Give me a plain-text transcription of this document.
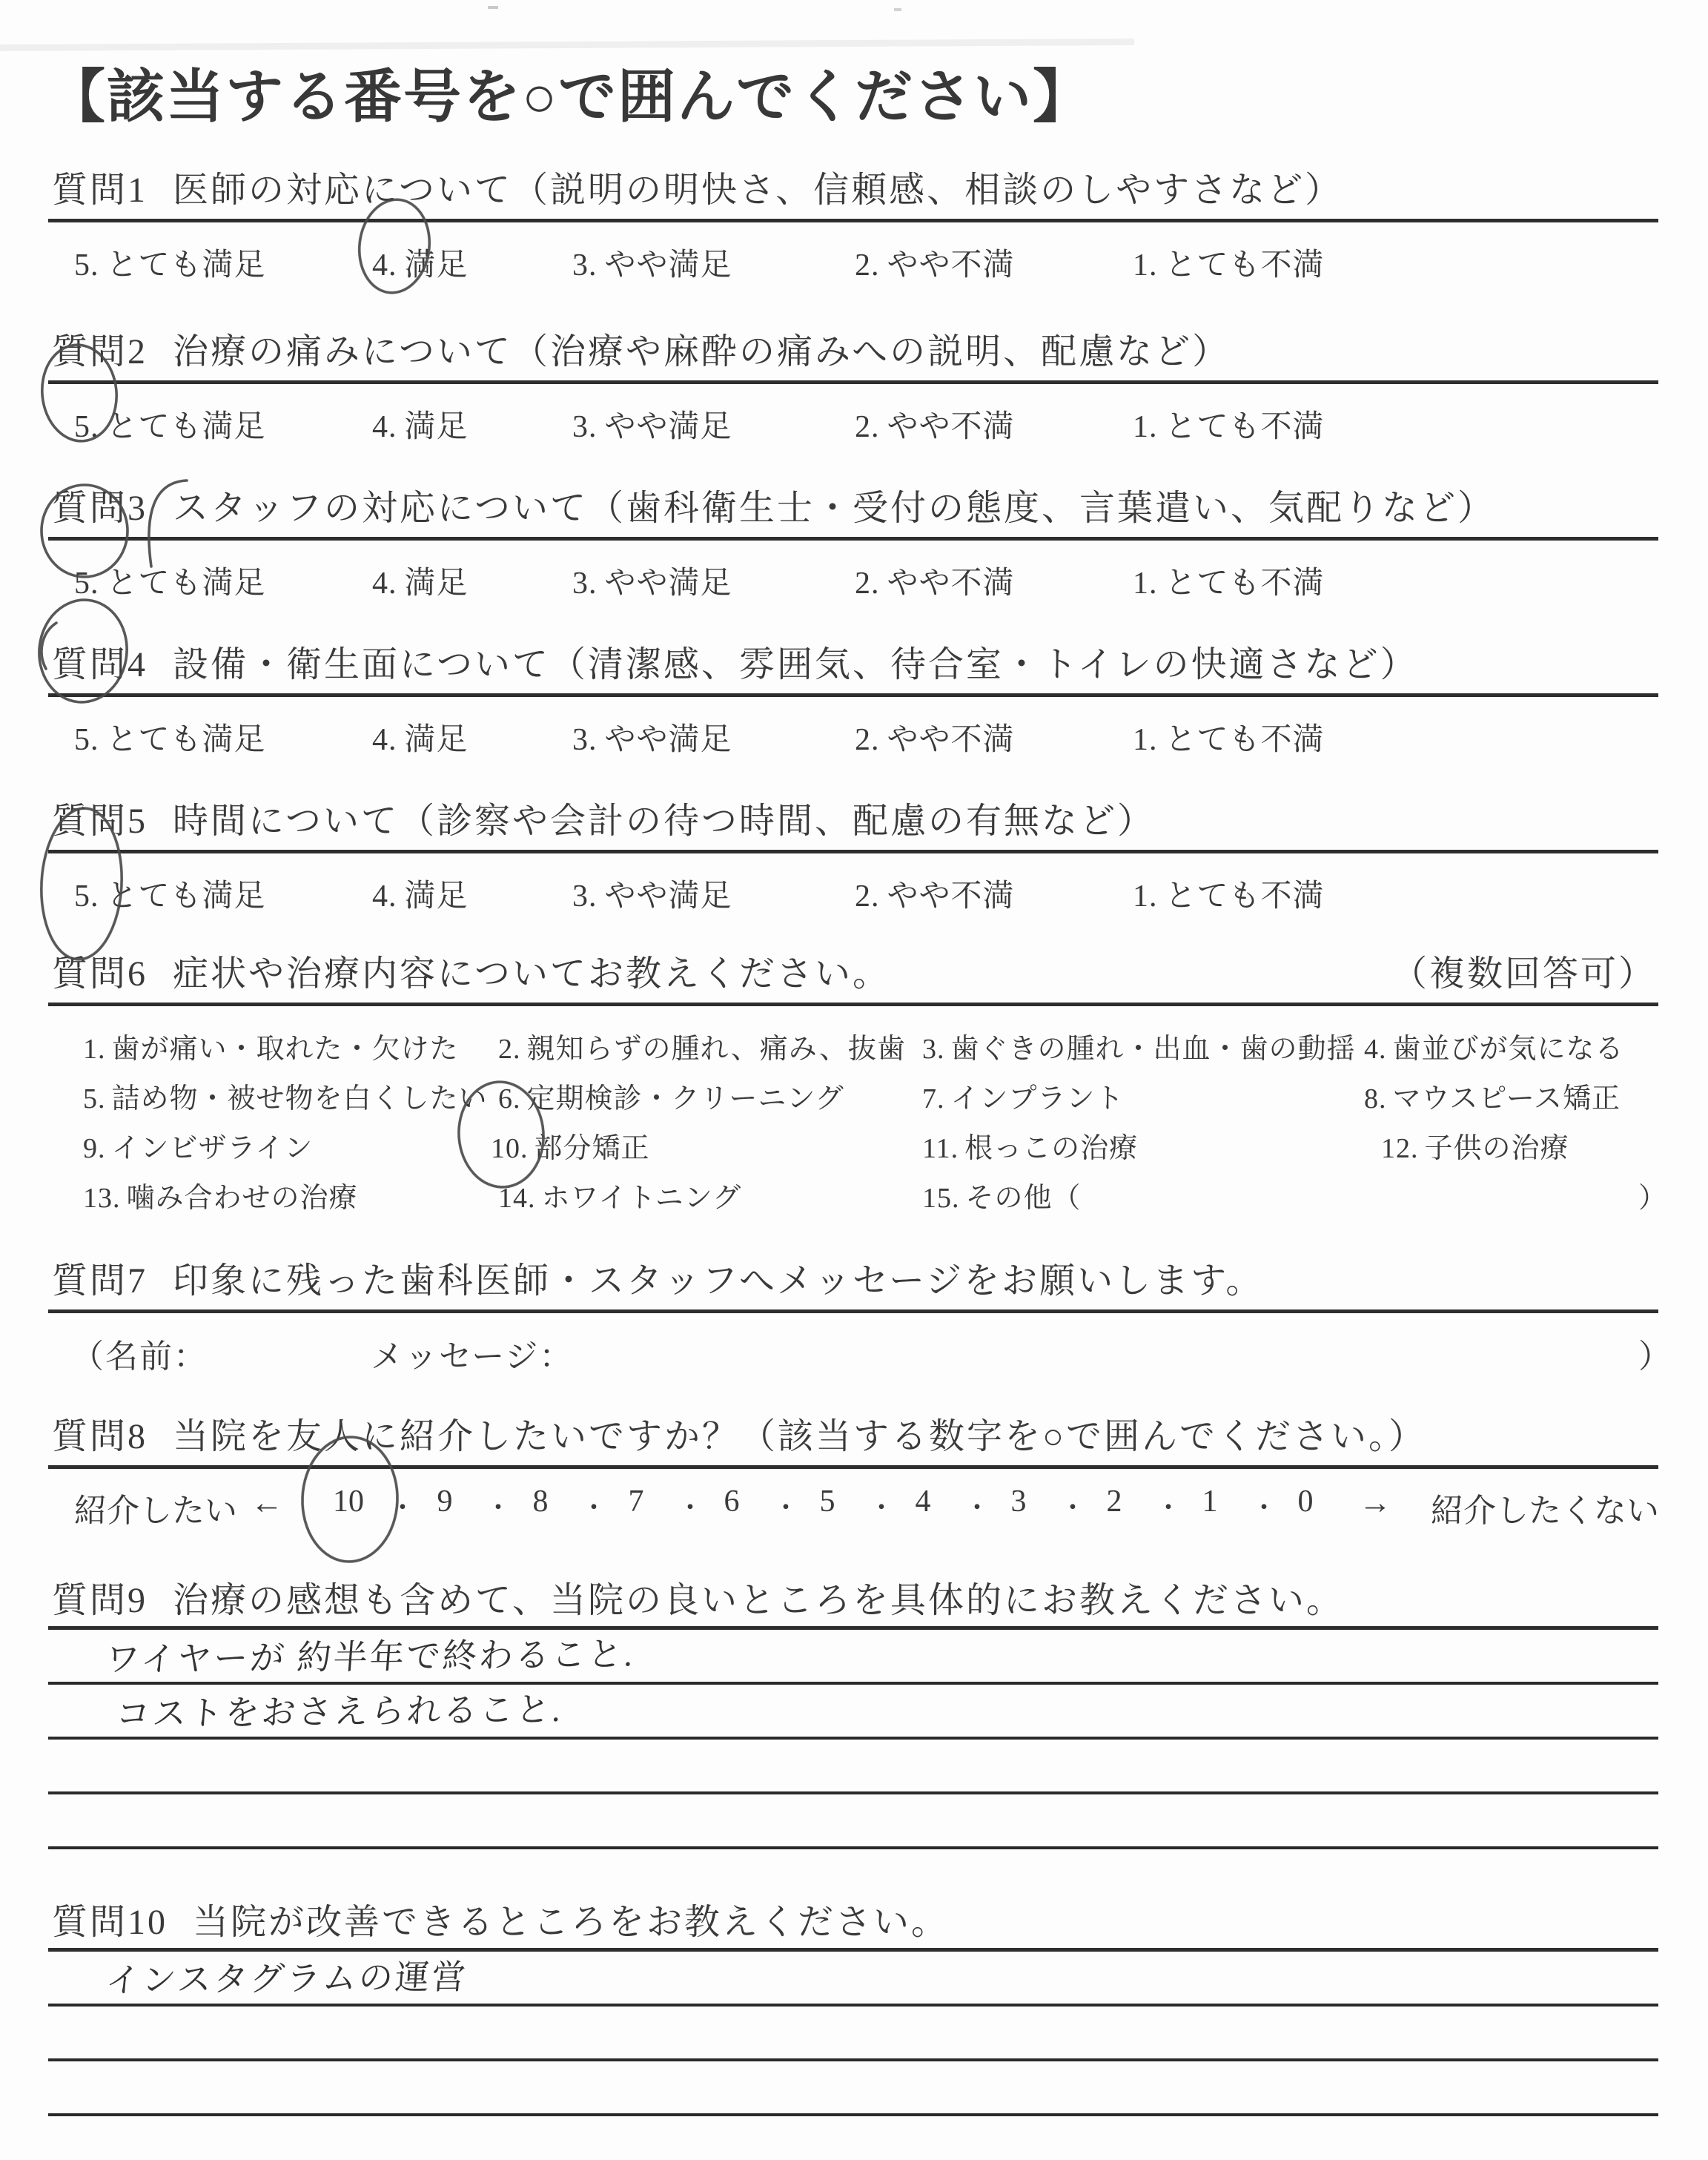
【該当する番号を○で囲んでください】
質問1 医師の対応について（説明の明快さ、信頼感、相談のしやすさなど）
5. とても満足	4. 満足	3. やや満足	2. やや不満	1. とても不満
質問2 治療の痛みについて（治療や麻酔の痛みへの説明、配慮など）
5. とても満足	4. 満足	3. やや満足	2. やや不満	1. とても不満
質問3 スタッフの対応について（歯科衛生士・受付の態度、言葉遣い、気配りなど）
5. とても満足	4. 満足	3. やや満足	2. やや不満	1. とても不満
質問4 設備・衛生面について（清潔感、雰囲気、待合室・トイレの快適さなど）
5. とても満足	4. 満足	3. やや満足	2. やや不満	1. とても不満
質問5 時間について（診察や会計の待つ時間、配慮の有無など）
5. とても満足	4. 満足	3. やや満足	2. やや不満	1. とても不満
質問6 症状や治療内容についてお教えください。	（複数回答可）
1. 歯が痛い・取れた・欠けた 2. 親知らずの腫れ、痛み、抜歯 3. 歯ぐきの腫れ・出血・歯の動揺 4. 歯並びが気になる
5. 詰め物・被せ物を白くしたい 6. 定期検診・クリーニング	7. インプラント	8. マウスピース矯正
9. インビザライン	10. 部分矯正	11. 根っこの治療	12. 子供の治療
13. 噛み合わせの治療	14. ホワイトニング	15. その他（	）
質問7 印象に残った歯科医師・スタッフへメッセージをお願いします。
（名前：	メッセージ：	）
質問8 当院を友人に紹介したいですか？（該当する数字を○で囲んでください。）
紹介したい ← 10 ・ 9	・ 8	・ 7	・ 6	・ 5	・ 4	・ 3	・ 2	・ 1	・ 0	→ 紹介したくない
質問9 治療の感想も含めて、当院の良いところを具体的にお教えください。
ワイヤーが 約半年で終わること.
コストをおさえられること.
質問10 当院が改善できるところをお教えください。
インスタグラムの運営
